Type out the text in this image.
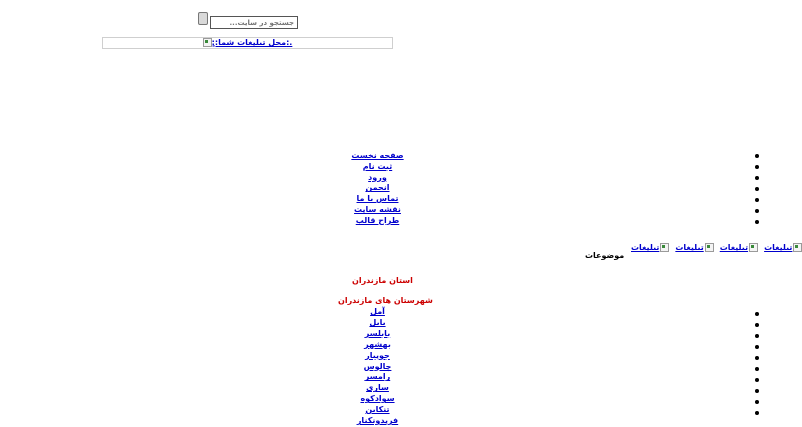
جستجو در سایت...
:ٍ:محل تبلیغات شما:.
صفحه نخست
ثبت نام
ورود
انجمن
تماس با ما
نقشه سایت
طراح قالب
تبلیغاتتبلیغاتتبلیغاتتبلیغات
موضوعات
استان مازندران
شهرستان های مازندران
آمل
بابل
بابلسر
بهشهر
جویبار
چالوس
رامسر
ساری
سوادکوه
تنکابن
فریدونکنار
